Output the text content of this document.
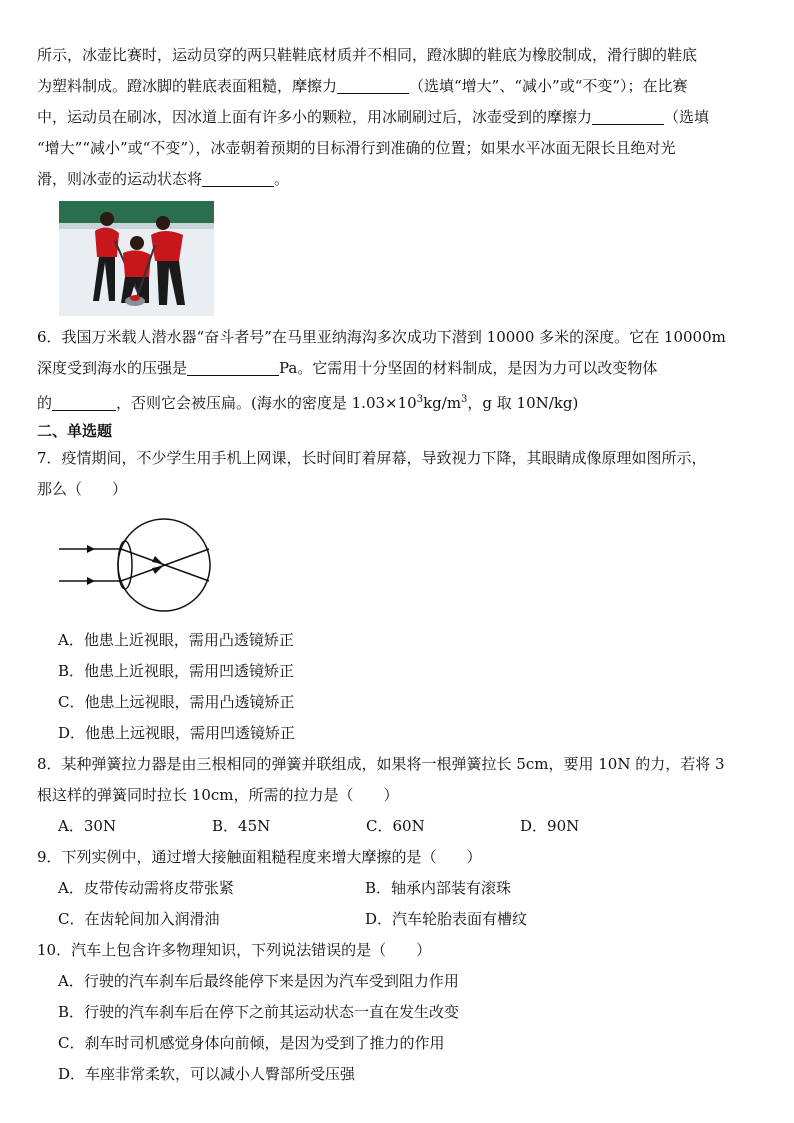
所示，冰壶比赛时，运动员穿的两只鞋鞋底材质并不相同，蹬冰脚的鞋底为橡胶制成，滑行脚的鞋底

为塑料制成。蹬冰脚的鞋底表面粗糙，摩擦力	（选填“增大”、“减小”或“不变”）；在比赛

中，运动员在刷冰，因冰道上面有许多小的颗粒，用冰刷刷过后，冰壶受到的摩擦力	（选填

“增大”“减小”或“不变”），冰壶朝着预期的目标滑行到准确的位置；如果水平冰面无限长且绝对光

滑，则冰壶的运动状态将	。

6．我国万米载人潜水器“奋斗者号”在马里亚纳海沟多次成功下潜到 10000 多米的深度。它在 10000m

深度受到海水的压强是	Pa。它需用十分坚固的材料制成，是因为力可以改变物体

的	，否则它会被压扁。(海水的密度是 $1.03\times 10^3kg/m^3$，g 取 10N/kg)

二、单选题

7．疫情期间，不少学生用手机上网课，长时间盯着屏幕，导致视力下降，其眼睛成像原理如图所示，

那么（　　）

A．他患上近视眼，需用凸透镜矫正

B．他患上近视眼，需用凹透镜矫正

C．他患上远视眼，需用凸透镜矫正

D．他患上远视眼，需用凹透镜矫正

8．某种弹簧拉力器是由三根相同的弹簧并联组成，如果将一根弹簧拉长 5cm，要用 10N 的力，若将 3

根这样的弹簧同时拉长 10cm，所需的拉力是（　　）

A．30N	B．45N	C．60N	D．90N

9．下列实例中，通过增大接触面粗糙程度来增大摩擦的是（　　）

A．皮带传动需将皮带张紧	B．轴承内部装有滚珠
C．在齿轮间加入润滑油	D．汽车轮胎表面有槽纹

10．汽车上包含许多物理知识，下列说法错误的是（　　）

A．行驶的汽车刹车后最终能停下来是因为汽车受到阻力作用

B．行驶的汽车刹车后在停下之前其运动状态一直在发生改变

C．刹车时司机感觉身体向前倾，是因为受到了推力的作用

D．车座非常柔软，可以减小人臀部所受压强
